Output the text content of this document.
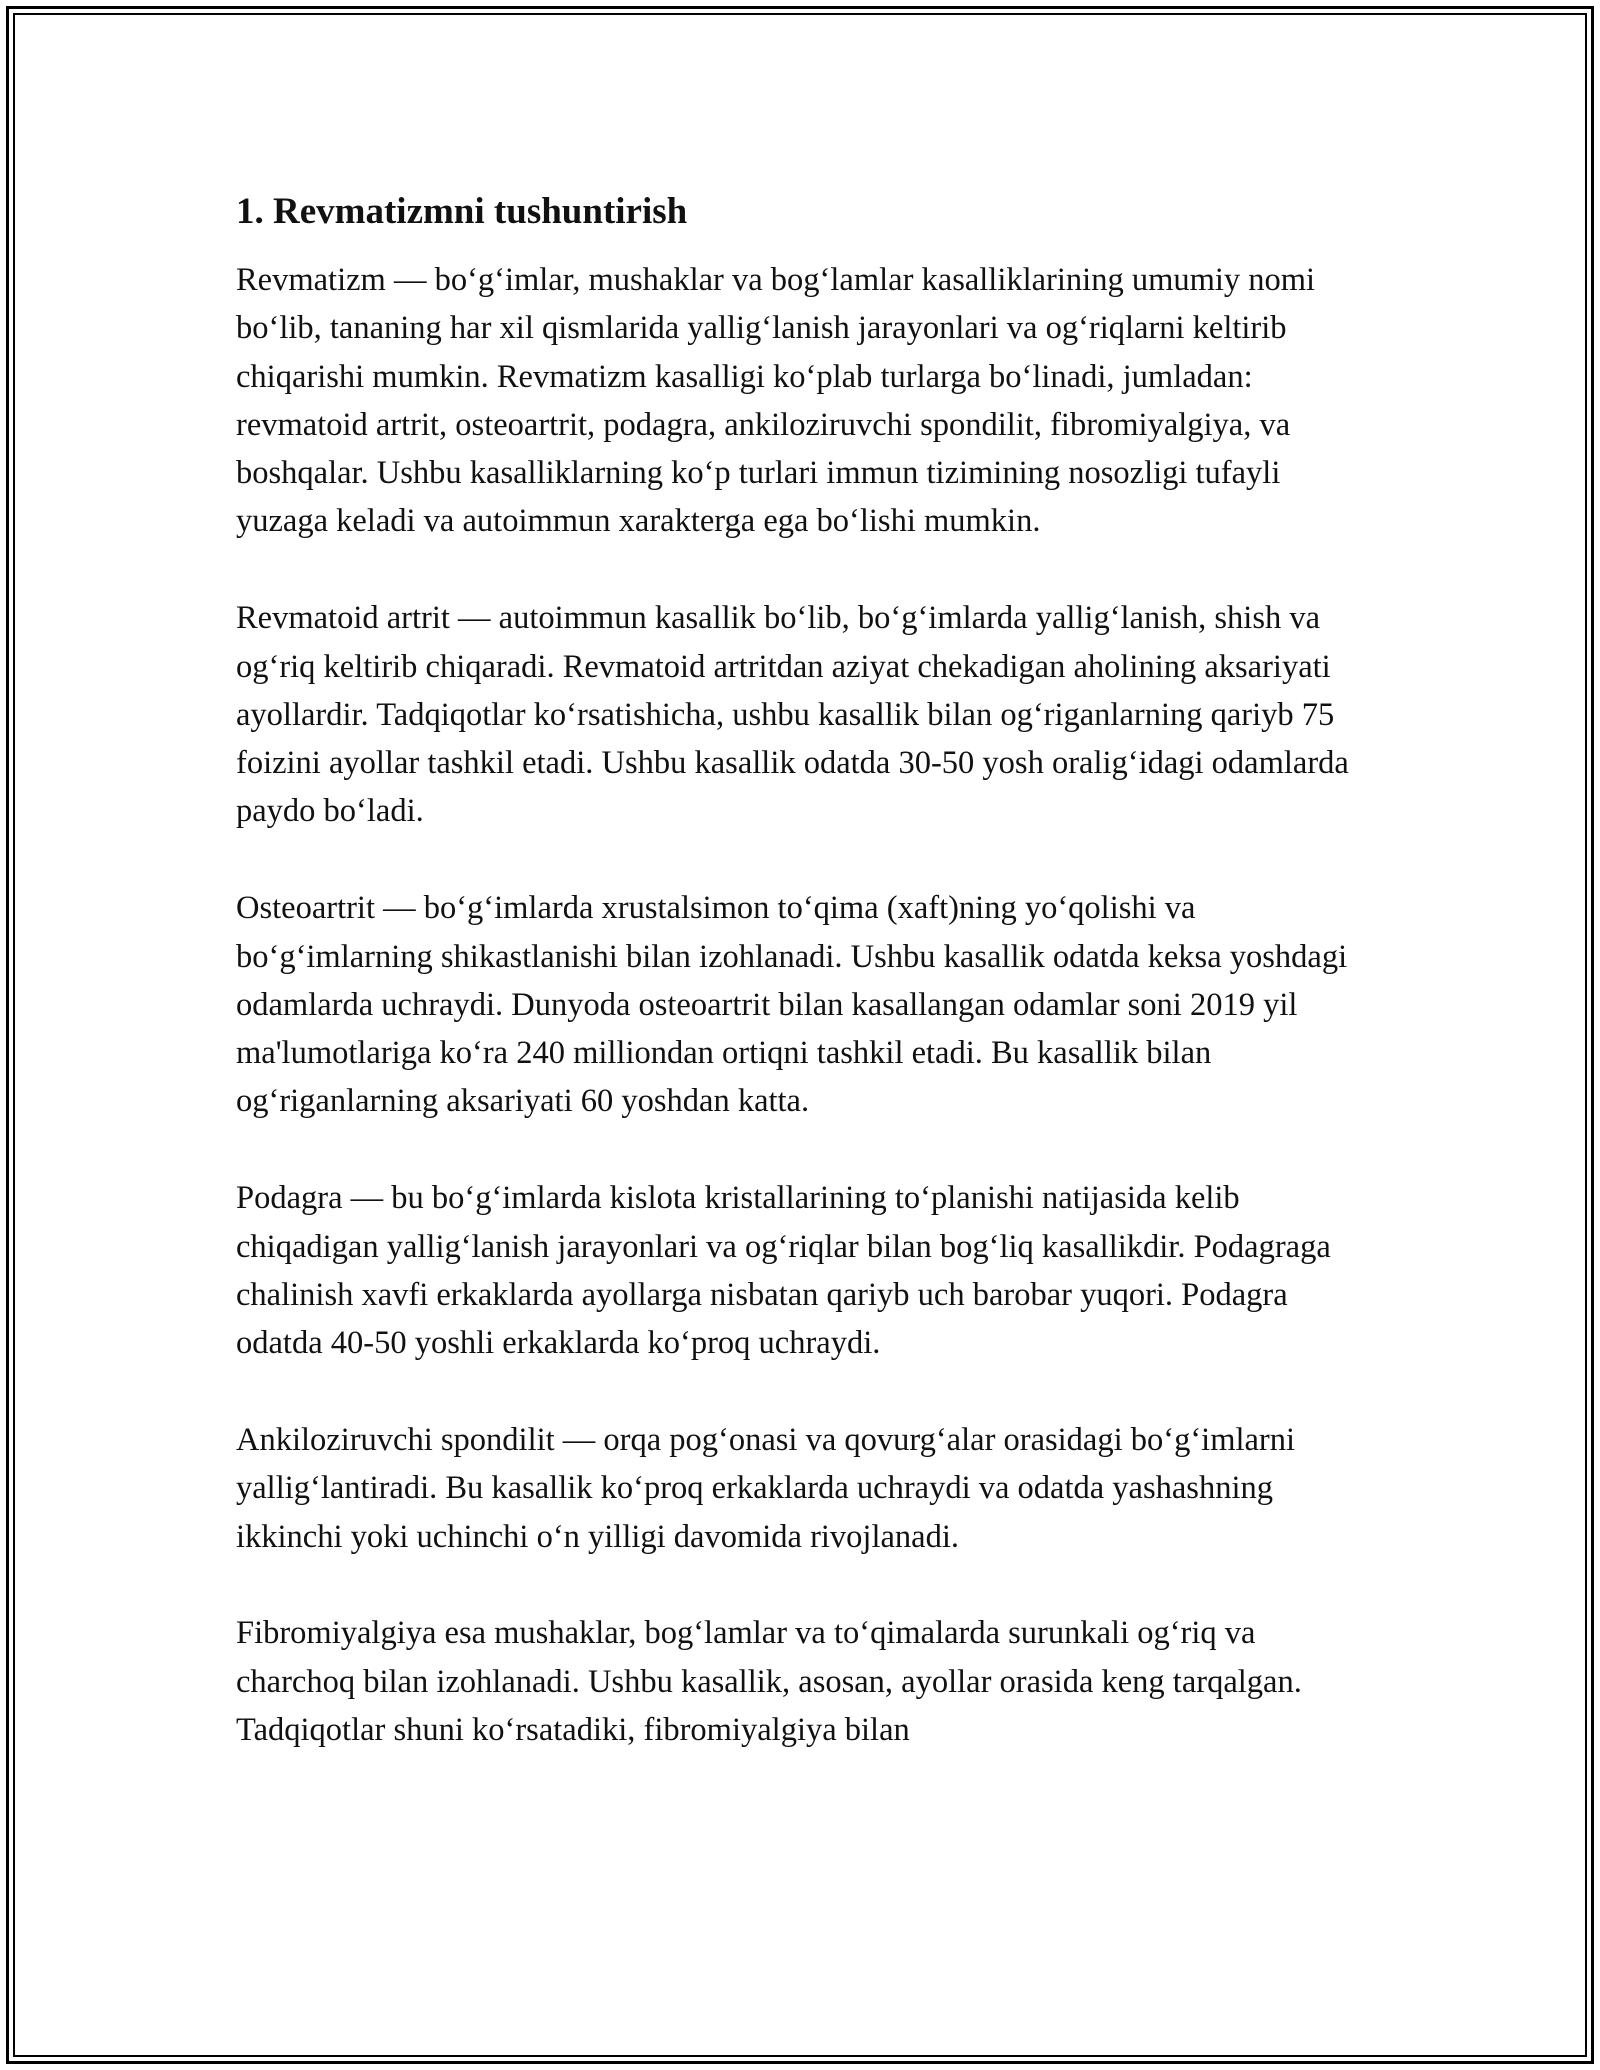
1. Revmatizmni tushuntirish

Revmatizm — bo‘g‘imlar, mushaklar va bog‘lamlar kasalliklarining umumiy nomi bo‘lib, tananing har xil qismlarida yallig‘lanish jarayonlari va og‘riqlarni keltirib chiqarishi mumkin. Revmatizm kasalligi ko‘plab turlarga bo‘linadi, jumladan: revmatoid artrit, osteoartrit, podagra, ankiloziruvchi spondilit, fibromiyalgiya, va boshqalar. Ushbu kasalliklarning ko‘p turlari immun tizimining nosozligi tufayli yuzaga keladi va autoimmun xarakterga ega bo‘lishi mumkin.

Revmatoid artrit — autoimmun kasallik bo‘lib, bo‘g‘imlarda yallig‘lanish, shish va og‘riq keltirib chiqaradi. Revmatoid artritdan aziyat chekadigan aholining aksariyati ayollardir. Tadqiqotlar ko‘rsatishicha, ushbu kasallik bilan og‘riganlarning qariyb 75 foizini ayollar tashkil etadi. Ushbu kasallik odatda 30-50 yosh oralig‘idagi odamlarda paydo bo‘ladi.

Osteoartrit — bo‘g‘imlarda xrustalsimon to‘qima (xaft)ning yo‘qolishi va bo‘g‘imlarning shikastlanishi bilan izohlanadi. Ushbu kasallik odatda keksa yoshdagi odamlarda uchraydi. Dunyoda osteoartrit bilan kasallangan odamlar soni 2019 yil ma'lumotlariga ko‘ra 240 milliondan ortiqni tashkil etadi. Bu kasallik bilan og‘riganlarning aksariyati 60 yoshdan katta.

Podagra — bu bo‘g‘imlarda kislota kristallarining to‘planishi natijasida kelib chiqadigan yallig‘lanish jarayonlari va og‘riqlar bilan bog‘liq kasallikdir. Podagraga chalinish xavfi erkaklarda ayollarga nisbatan qariyb uch barobar yuqori. Podagra odatda 40-50 yoshli erkaklarda ko‘proq uchraydi.

Ankiloziruvchi spondilit — orqa pog‘onasi va qovurg‘alar orasidagi bo‘g‘imlarni yallig‘lantiradi. Bu kasallik ko‘proq erkaklarda uchraydi va odatda yashashning ikkinchi yoki uchinchi o‘n yilligi davomida rivojlanadi.

Fibromiyalgiya esa mushaklar, bog‘lamlar va to‘qimalarda surunkali og‘riq va charchoq bilan izohlanadi. Ushbu kasallik, asosan, ayollar orasida keng tarqalgan. Tadqiqotlar shuni ko‘rsatadiki, fibromiyalgiya bilan
